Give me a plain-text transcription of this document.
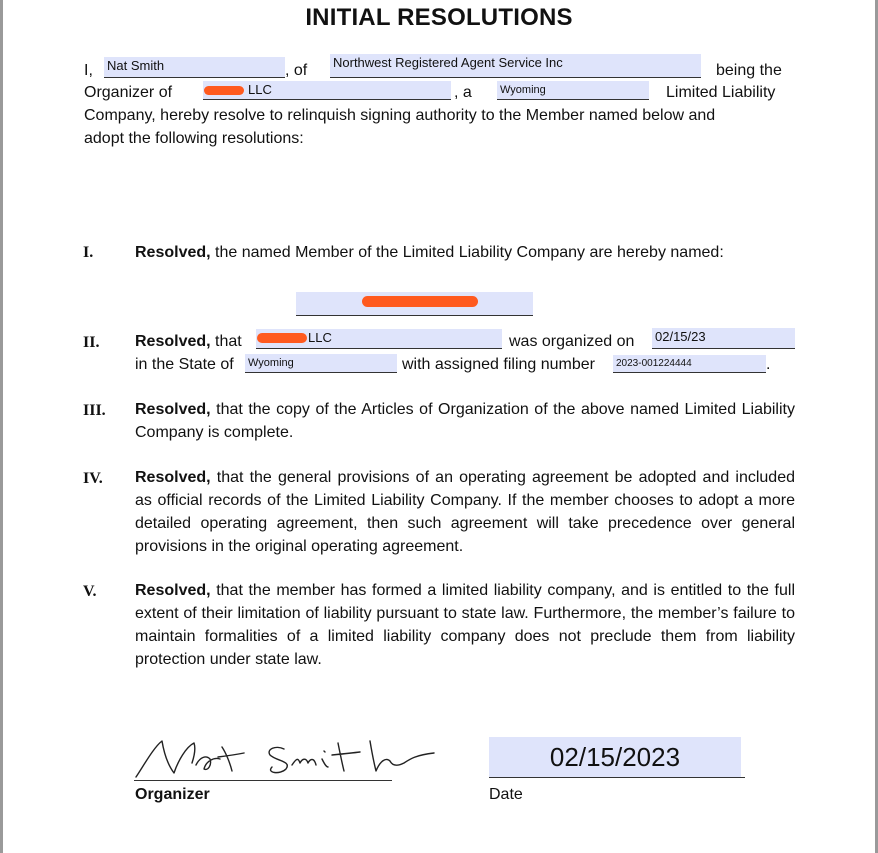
INITIAL RESOLUTIONS
I, Nat Smith	, of Northwest Registered Agent Service Inc	being the
Organizer of	LLC	, a	Wyoming	Limited Liability
Company, hereby resolve to relinquish signing authority to the Member named below and
adopt the following resolutions:
I.	Resolved, the named Member of the Limited Liability Company are hereby named:
II. Resolved, that	LLC	was organized on 02/15/23
in the State of Wyoming	with assigned filing number	2023-001224444	.
III. Resolved, that the copy of the Articles of Organization of the above named Limited Liability Company is complete.
IV. Resolved, that the general provisions of an operating agreement be adopted and included as official records of the Limited Liability Company. If the member chooses to adopt a more detailed operating agreement, then such agreement will take precedence over general provisions in the original operating agreement.
V. Resolved, that the member has formed a limited liability company, and is entitled to the full extent of their limitation of liability pursuant to state law. Furthermore, the member’s failure to maintain formalities of a limited liability company does not preclude them from liability protection under state law.
Organizer
02/15/2023
Date
